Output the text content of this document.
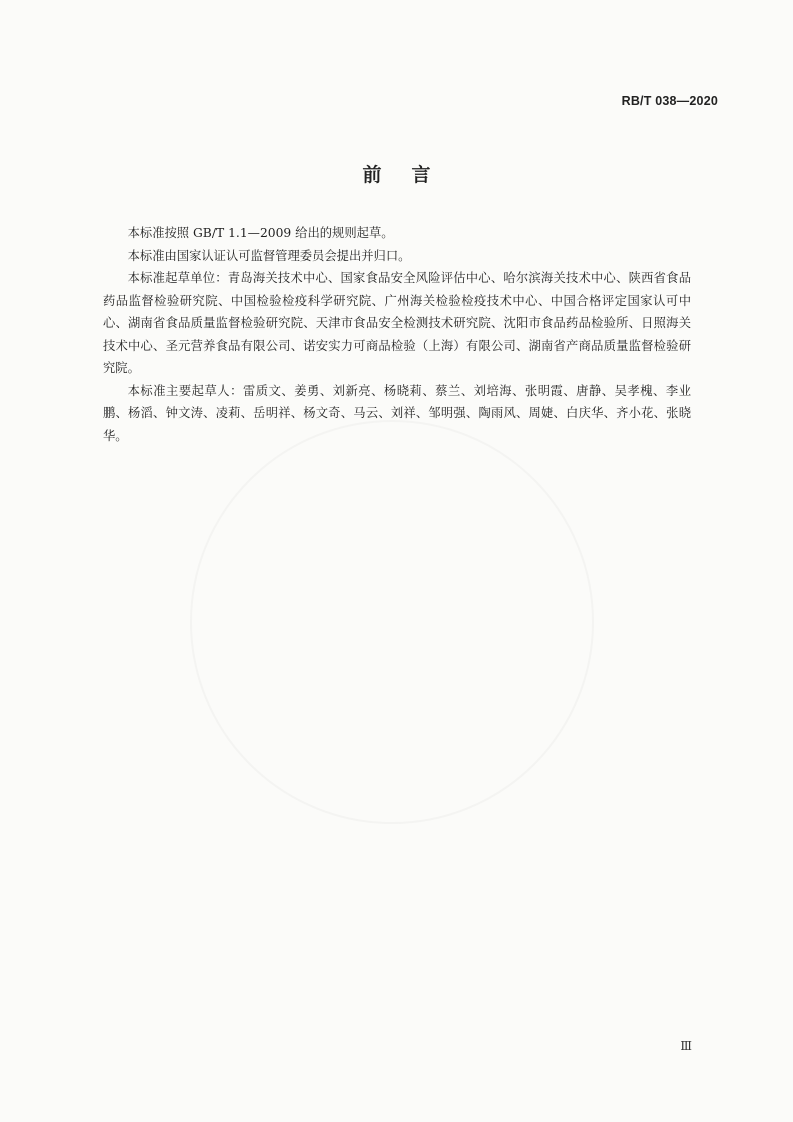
RB/T 038—2020
前言

本标准按照 GB/T 1.1—2009 给出的规则起草。

本标准由国家认证认可监督管理委员会提出并归口。

本标准起草单位：青岛海关技术中心、国家食品安全风险评估中心、哈尔滨海关技术中心、陕西省食品药品监督检验研究院、中国检验检疫科学研究院、广州海关检验检疫技术中心、中国合格评定国家认可中心、湖南省食品质量监督检验研究院、天津市食品安全检测技术研究院、沈阳市食品药品检验所、日照海关技术中心、圣元营养食品有限公司、诺安实力可商品检验（上海）有限公司、湖南省产商品质量监督检验研究院。

本标准主要起草人：雷质文、姜勇、刘新亮、杨晓莉、蔡兰、刘培海、张明霞、唐静、吴孝槐、李业鹏、杨滔、钟文涛、凌莉、岳明祥、杨文奇、马云、刘祥、邹明强、陶雨风、周婕、白庆华、齐小花、张晓华。

Ⅲ
